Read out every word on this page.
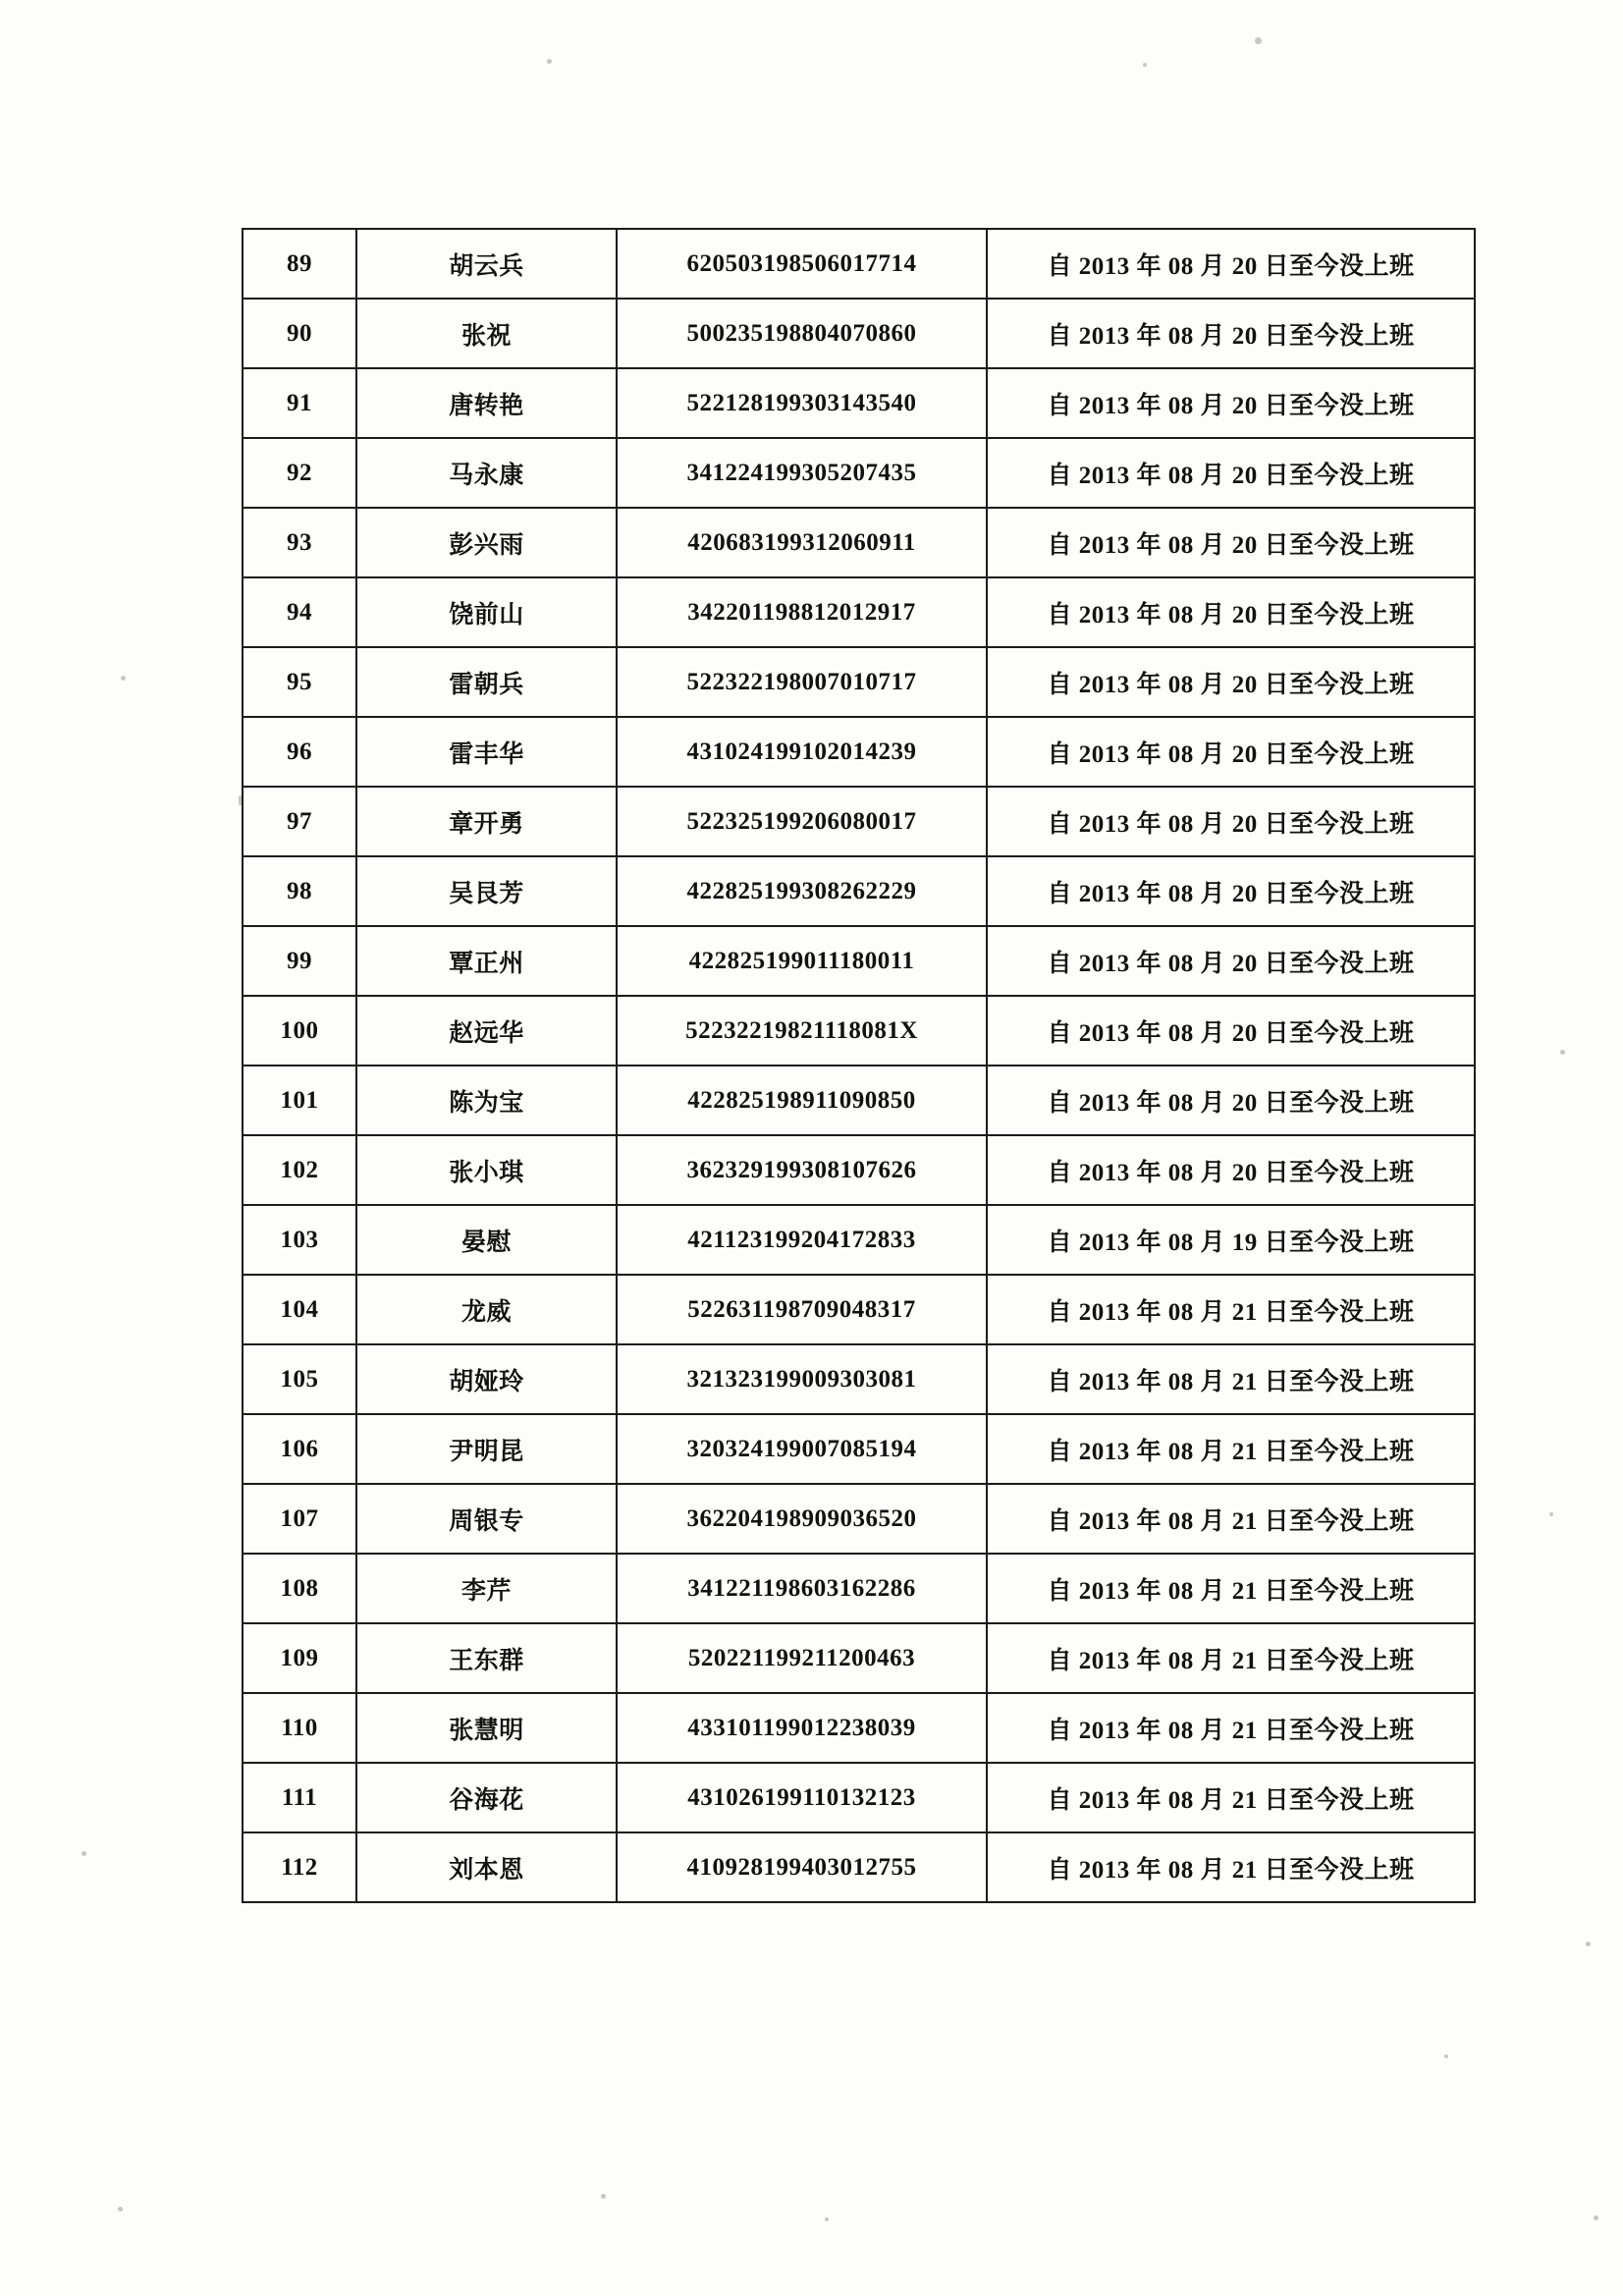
89	胡云兵	620503198506017714	自 2013 年 08 月 20 日至今没上班
90	张祝	500235198804070860	自 2013 年 08 月 20 日至今没上班
91	唐转艳	522128199303143540	自 2013 年 08 月 20 日至今没上班
92	马永康	341224199305207435	自 2013 年 08 月 20 日至今没上班
93	彭兴雨	420683199312060911	自 2013 年 08 月 20 日至今没上班
94	饶前山	342201198812012917	自 2013 年 08 月 20 日至今没上班
95	雷朝兵	522322198007010717	自 2013 年 08 月 20 日至今没上班
96	雷丰华	431024199102014239	自 2013 年 08 月 20 日至今没上班
97	章开勇	522325199206080017	自 2013 年 08 月 20 日至今没上班
98	吴艮芳	422825199308262229	自 2013 年 08 月 20 日至今没上班
99	覃正州	422825199011180011	自 2013 年 08 月 20 日至今没上班
100	赵远华	52232219821118081X	自 2013 年 08 月 20 日至今没上班
101	陈为宝	422825198911090850	自 2013 年 08 月 20 日至今没上班
102	张小琪	362329199308107626	自 2013 年 08 月 20 日至今没上班
103	晏慰	421123199204172833	自 2013 年 08 月 19 日至今没上班
104	龙威	522631198709048317	自 2013 年 08 月 21 日至今没上班
105	胡娅玲	321323199009303081	自 2013 年 08 月 21 日至今没上班
106	尹明昆	320324199007085194	自 2013 年 08 月 21 日至今没上班
107	周银专	362204198909036520	自 2013 年 08 月 21 日至今没上班
108	李芹	341221198603162286	自 2013 年 08 月 21 日至今没上班
109	王东群	520221199211200463	自 2013 年 08 月 21 日至今没上班
110	张慧明	433101199012238039	自 2013 年 08 月 21 日至今没上班
111	谷海花	431026199110132123	自 2013 年 08 月 21 日至今没上班
112	刘本恩	410928199403012755	自 2013 年 08 月 21 日至今没上班
